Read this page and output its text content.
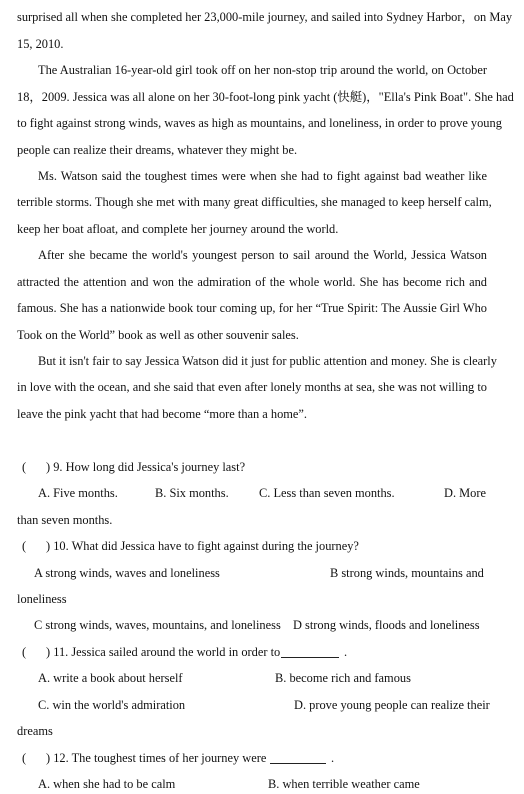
surprised all when she completed her 23,000-mile journey, and sailed into Sydney Harbor，on May
15, 2010.
The Australian 16-year-old girl took off on her non-stop trip around the world, on October
18，2009. Jessica was all alone on her 30-foot-long pink yacht (快艇)，"Ella's Pink Boat". She had
to fight against strong winds, waves as high as mountains, and loneliness, in order to prove young
people can realize their dreams, whatever they might be.
Ms. Watson said the toughest times were when she had to fight against bad weather like
terrible storms. Though she met with many great difficulties, she managed to keep herself calm,
keep her boat afloat, and complete her journey around the world.
After she became the world's youngest person to sail around the World, Jessica Watson
attracted the attention and won the admiration of the whole world. She has become rich and
famous. She has a nationwide book tour coming up, for her “True Spirit: The Aussie Girl Who
Took on the World” book as well as other souvenir sales.
But it isn't fair to say Jessica Watson did it just for public attention and money. She is clearly
in love with the ocean, and she said that even after lonely months at sea, she was not willing to
leave the pink yacht that had become “more than a home”.
( ) 9. How long did Jessica's journey last?
A. Five months.	B. Six months. C. Less than seven months.	D. More
than seven months.
( ) 10. What did Jessica have to fight against during the journey?
A strong winds, waves and loneliness	B strong winds, mountains and
loneliness
C strong winds, waves, mountains, and loneliness D strong winds, floods and loneliness
( ) 11. Jessica sailed around the world in order to	.
A. write a book about herself	B. become rich and famous
C. win the world's admiration	D. prove young people can realize their
dreams
( ) 12. The toughest times of her journey were	.
A. when she had to be calm	B. when terrible weather came
